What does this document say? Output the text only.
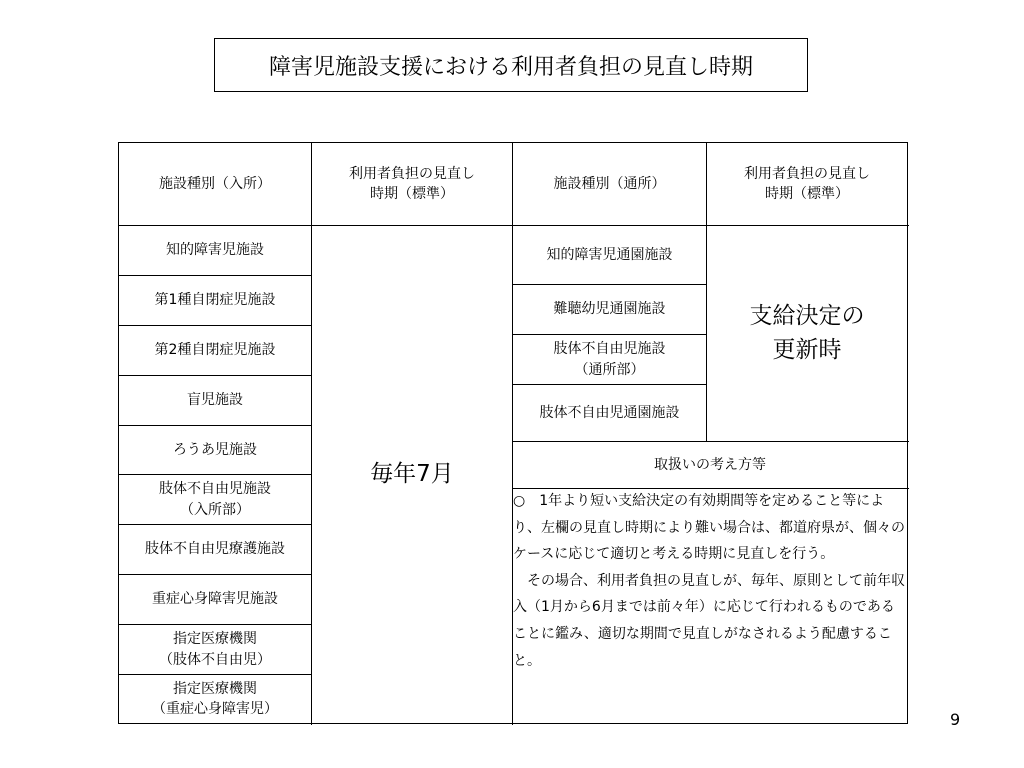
障害児施設支援における利用者負担の見直し時期
施設種別（入所）
利用者負担の見直し
時期（標準）
施設種別（通所）
利用者負担の見直し
時期（標準）
知的障害児施設
第1種自閉症児施設
第2種自閉症児施設
盲児施設
ろうあ児施設
肢体不自由児施設
（入所部）
肢体不自由児療護施設
重症心身障害児施設
指定医療機関
（肢体不自由児）
指定医療機関
（重症心身障害児）
毎年7月
知的障害児通園施設
難聴幼児通園施設
肢体不自由児施設
（通所部）
肢体不自由児通園施設
支給決定の
更新時
取扱いの考え方等

○　1年より短い支給決定の有効期間等を定めること等により、左欄の見直し時期により難い場合は、都道府県が、個々のケースに応じて適切と考える時期に見直しを行う。

　その場合、利用者負担の見直しが、毎年、原則として前年収入（1月から6月までは前々年）に応じて行われるものであることに鑑み、適切な期間で見直しがなされるよう配慮すること。

9
